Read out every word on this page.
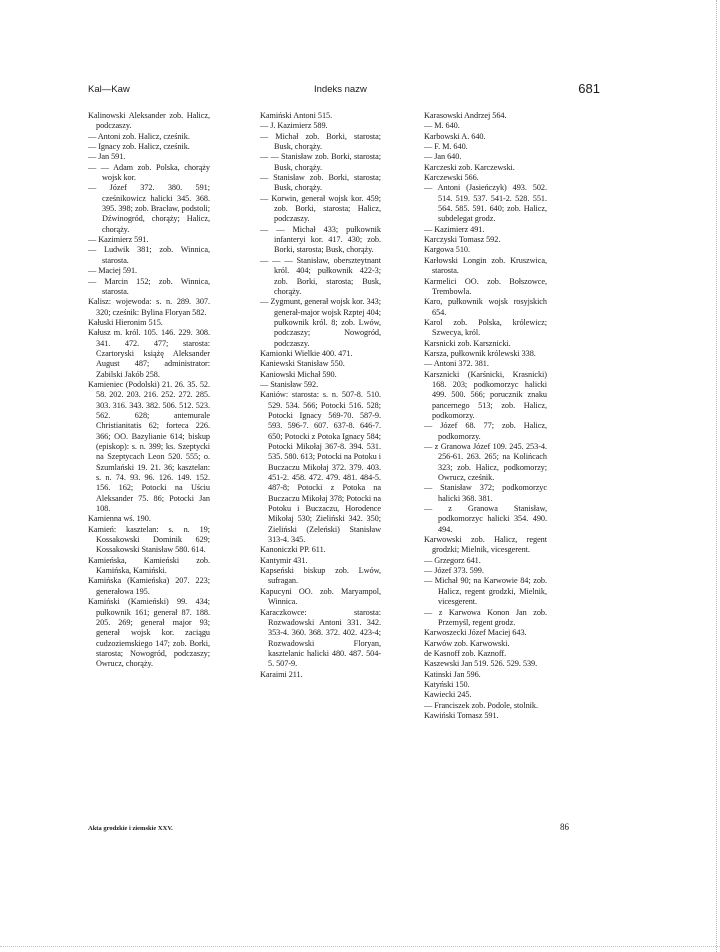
Kal—Kaw	Indeks nazw	681

Kalinowski Aleksander zob. Halicz, podczaszy.

— Antoni zob. Halicz, cześnik.

— Ignacy zob. Halicz, cześnik.

— Jan 591.

— — Adam zob. Polska, chorąży wojsk kor.

— Józef 372. 380. 591; cześnikowicz halicki 345. 368. 395. 398; zob. Bracław, podstoli; Dźwinogród, chorąży; Halicz, chorąży.

— Kazimierz 591.

— Ludwik 381; zob. Winnica, starosta.

— Maciej 591.

— Marcin 152; zob. Winnica, starosta.

Kalisz: wojewoda: s. n. 289. 307. 320; cześnik: Bylina Floryan 582.

Kałuski Hieronim 515.

Kałusz m. król. 105. 146. 229. 308. 341. 472. 477; starosta: Czartoryski książę Aleksander August 487; administrator: Zabilski Jakób 258.

Kamieniec (Podolski) 21. 26. 35. 52. 58. 202. 203. 216. 252. 272. 285. 303. 316. 343. 382. 506. 512. 523. 562. 628; antemurale Christianitatis 62; forteca 226. 366; OO. Bazylianie 614; biskup (episkop): s. n. 399; ks. Szeptycki na Szeptycach Leon 520. 555; o. Szumlański 19. 21. 36; kasztelan: s. n. 74. 93. 96. 126. 149. 152. 156. 162; Potocki na Uściu Aleksander 75. 86; Potocki Jan 108.

Kamienna wś. 190.

Kamień: kasztelan: s. n. 19; Kossakowski Dominik 629; Kossakowski Stanisław 580. 614.

Kamieńska, Kamieński zob. Kamińska, Kamiński.

Kamińska (Kamieńska) 207. 223; generałowa 195.

Kamiński (Kamieński) 99. 434; pułkownik 161; generał 87. 188. 205. 269; generał major 93; generał wojsk kor. zaciągu cudzoziemskiego 147; zob. Borki, starosta; Nowogród, podczaszy; Owrucz, chorąży.

Kamiński Antoni 515.

— J. Kazimierz 589.

— Michał zob. Borki, starosta; Busk, chorąży.

— — Stanisław zob. Borki, starosta; Busk, chorąży.

— Stanisław zob. Borki, starosta; Busk, chorąży.

— Korwin, generał wojsk kor. 459; zob. Borki, starosta; Halicz, podczaszy.

— — Michał 433; pułkownik infanteryi kor. 417. 430; zob. Borki, starosta; Busk, chorąży.

— — — Stanisław, oberszteytnant król. 404; pułkownik 422-3; zob. Borki, starosta; Busk, chorąży.

— Zygmunt, generał wojsk kor. 343; generał-major wojsk Rzptej 404; pułkownik król. 8; zob. Lwów, podczaszy; Nowogród, podczaszy.

Kamionki Wielkie 400. 471.

Kaniewski Stanisław 550.

Kaniowski Michał 590.

— Stanisław 592.

Kaniów: starosta: s. n. 507-8. 510. 529. 534. 566; Potocki 516. 528; Potocki Ignacy 569-70. 587-9. 593. 596-7. 607. 637-8. 646-7. 650; Potocki z Potoka Ignacy 584; Potocki Mikołaj 367-8. 394. 531. 535. 580. 613; Potocki na Potoku i Buczaczu Mikołaj 372. 379. 403. 451-2. 458. 472. 479. 481. 484-5. 487-8; Potocki z Potoka na Buczaczu Mikołaj 378; Potocki na Potoku i Buczaczu, Horodence Mikołaj 530; Zieliński 342. 350; Zieliński (Zeleński) Stanisław 313-4. 345.

Kanoniczki PP. 611.

Kantymir 431.

Kapseński biskup zob. Lwów, sufragan.

Kapucyni OO. zob. Maryampol, Winnica.

Karaczkowce: starosta: Rozwadowski Antoni 331. 342. 353-4. 360. 368. 372. 402. 423-4; Rozwadowski Floryan, kasztelanic halicki 480. 487. 504-5. 507-9.

Karaimi 211.

Karasowski Andrzej 564.

— M. 640.

Karbowski A. 640.

— F. M. 640.

— Jan 640.

Karczeski zob. Karczewski.

Karczewski 566.

— Antoni (Jasieńczyk) 493. 502. 514. 519. 537. 541-2. 528. 551. 564. 585. 591. 640; zob. Halicz, subdelegat grodz.

— Kazimierz 491.

Karczyski Tomasz 592.

Kargowa 510.

Karłowski Longin zob. Kruszwica, starosta.

Karmelici OO. zob. Bołszowce, Trembowla.

Karo, pułkownik wojsk rosyjskich 654.

Karol zob. Polska, królewicz; Szwecya, król.

Karsnicki zob. Karsznicki.

Karsza, pułkownik królewski 338.

— Antoni 372. 381.

Karsznicki (Karśnicki, Krasnicki) 168. 203; podkomorzyc halicki 499. 500. 566; porucznik znaku pancernego 513; zob. Halicz, podkomorzy.

— Józef 68. 77; zob. Halicz, podkomorzy.

— z Granowa Józef 109. 245. 253-4. 256-61. 263. 265; na Kolińcach 323; zob. Halicz, podkomorzy; Owrucz, cześnik.

— Stanisław 372; podkomorzyc halicki 368. 381.

— z Granowa Stanisław, podkomorzyc halicki 354. 490. 494.

Karwowski zob. Halicz, regent grodzki; Mielnik, vicesgerent.

— Grzegorz 641.

— Józef 373. 599.

— Michał 90; na Karwowie 84; zob. Halicz, regent grodzki, Mielnik, vicesgerent.

— z Karwowa Konon Jan zob. Przemyśl, regent grodz.

Karwoszecki Józef Maciej 643.

Karwów zob. Karwowski.

de Kasnoff zob. Kaznoff.

Kaszewski Jan 519. 526. 529. 539.

Katinski Jan 596.

Katyński 150.

Kawiecki 245.

— Franciszek zob. Podole, stolnik.

Kawiński Tomasz 591.

Akta grodzkie i ziemskie XXV.	86
